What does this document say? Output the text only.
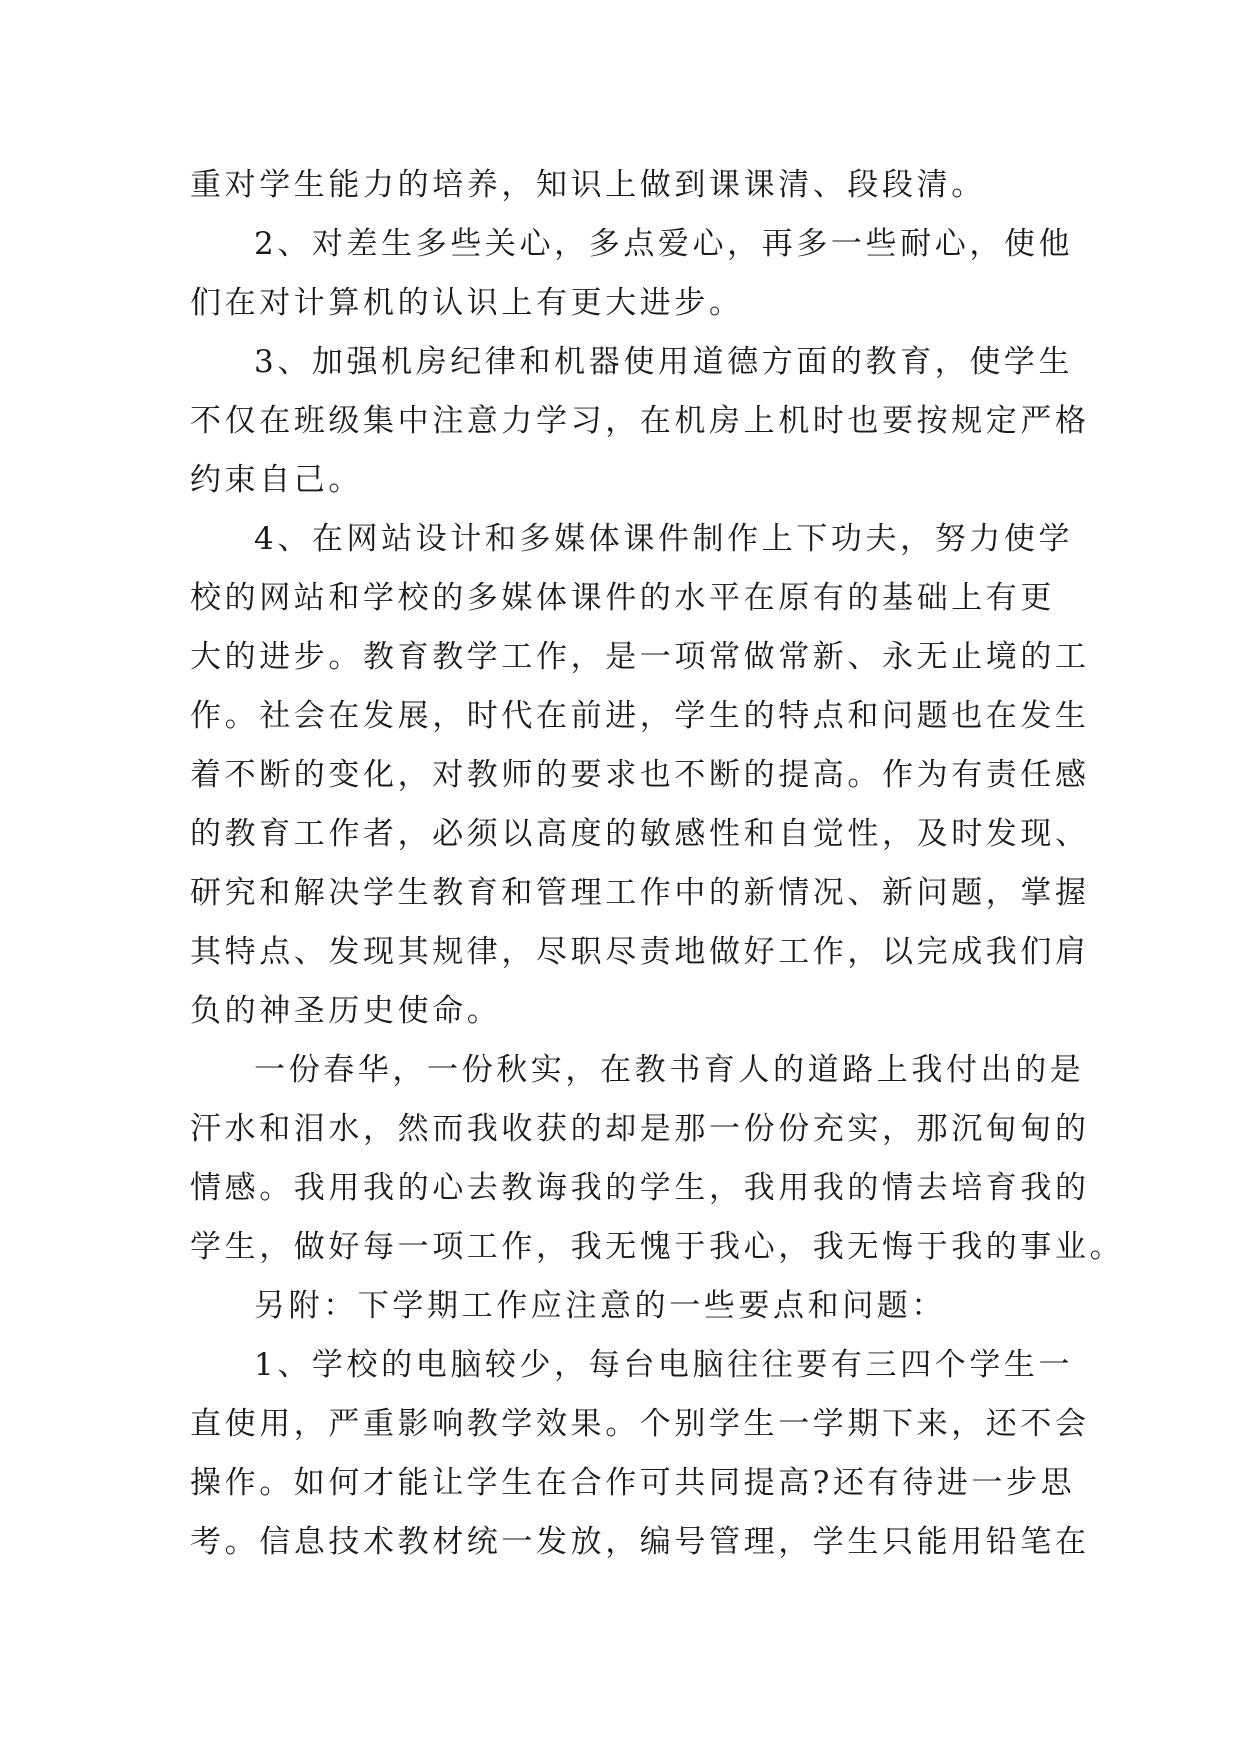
重对学生能力的培养，知识上做到课课清、段段清。
2、对差生多些关心，多点爱心，再多一些耐心，使他
们在对计算机的认识上有更大进步。
3、加强机房纪律和机器使用道德方面的教育，使学生
不仅在班级集中注意力学习，在机房上机时也要按规定严格
约束自己。
4、在网站设计和多媒体课件制作上下功夫，努力使学
校的网站和学校的多媒体课件的水平在原有的基础上有更
大的进步。教育教学工作，是一项常做常新、永无止境的工
作。社会在发展，时代在前进，学生的特点和问题也在发生
着不断的变化，对教师的要求也不断的提高。作为有责任感
的教育工作者，必须以高度的敏感性和自觉性，及时发现、
研究和解决学生教育和管理工作中的新情况、新问题，掌握
其特点、发现其规律，尽职尽责地做好工作，以完成我们肩
负的神圣历史使命。
一份春华，一份秋实，在教书育人的道路上我付出的是
汗水和泪水，然而我收获的却是那一份份充实，那沉甸甸的
情感。我用我的心去教诲我的学生，我用我的情去培育我的
学生，做好每一项工作，我无愧于我心，我无悔于我的事业。
另附：下学期工作应注意的一些要点和问题：
1、学校的电脑较少，每台电脑往往要有三四个学生一
直使用，严重影响教学效果。个别学生一学期下来，还不会
操作。如何才能让学生在合作可共同提高?还有待进一步思
考。信息技术教材统一发放，编号管理，学生只能用铅笔在
